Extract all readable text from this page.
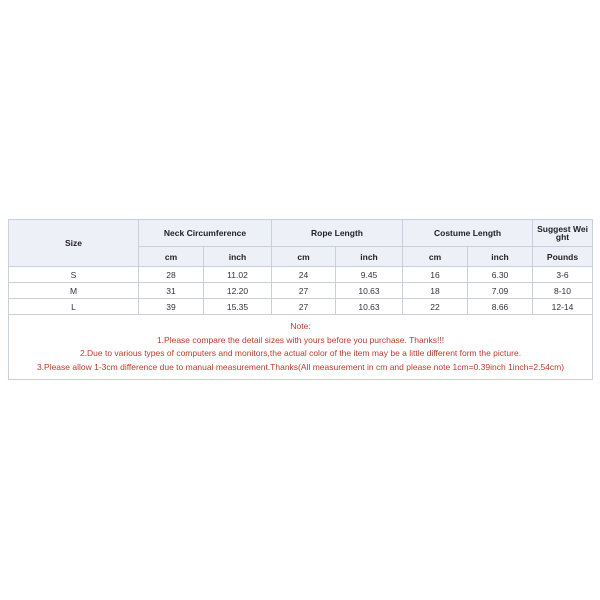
Size	Neck Circumference		Rope Length		Costume Length		Suggest Wei ght
	cm	inch	cm	inch	cm	inch	Pounds
S	28	11.02	24	9.45	16	6.30	3-6
M	31	12.20	27	10.63	18	7.09	8-10
L	39	15.35	27	10.63	22	8.66	12-14

Note:
1.Please compare the detail sizes with yours before you purchase. Thanks!!!
2.Due to various types of computers and monitors,the actual color of the item may be a little different form the picture.
3.Please allow 1-3cm difference due to manual measurement.Thanks(All measurement in cm and please note 1cm=0.39inch 1inch=2.54cm)							
